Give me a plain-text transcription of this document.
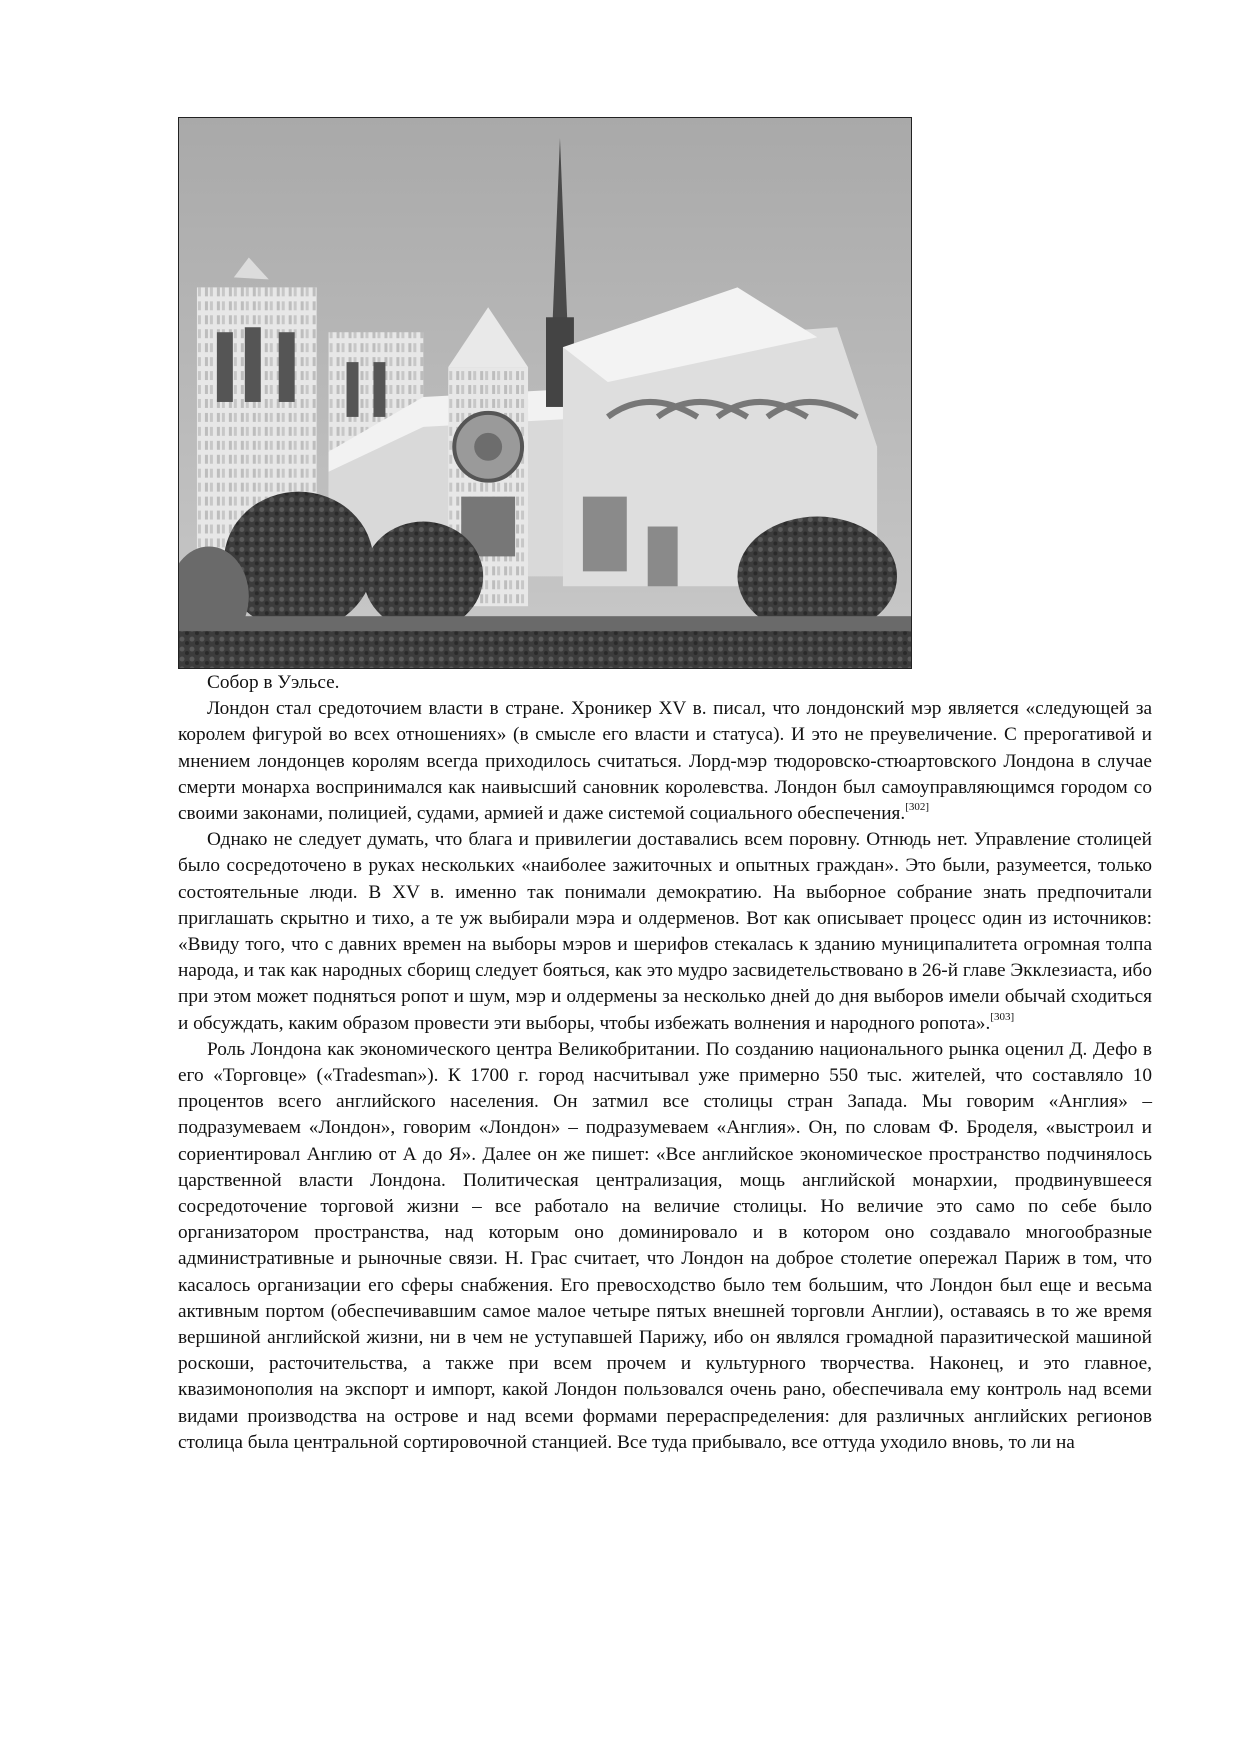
Собор в Уэльсе.

Лондон стал средоточием власти в стране. Хроникер XV в. писал, что лондонский мэр является «следующей за королем фигурой во всех отношениях» (в смысле его власти и статуса). И это не преувеличение. С прерогативой и мнением лондонцев королям всегда приходилось считаться. Лорд-мэр тюдоровско-стюартовского Лондона в случае смерти монарха воспринимался как наивысший сановник королевства. Лондон был самоуправляющимся городом со своими законами, полицией, судами, армией и даже системой социального обеспечения.[302]

Однако не следует думать, что блага и привилегии доставались всем поровну. Отнюдь нет. Управление столицей было сосредоточено в руках нескольких «наиболее зажиточных и опытных граждан». Это были, разумеется, только состоятельные люди. В XV в. именно так понимали демократию. На выборное собрание знать предпочитали приглашать скрытно и тихо, а те уж выбирали мэра и олдерменов. Вот как описывает процесс один из источников: «Ввиду того, что с давних времен на выборы мэров и шерифов стекалась к зданию муниципалитета огромная толпа народа, и так как народных сборищ следует бояться, как это мудро засвидетельствовано в 26-й главе Экклезиаста, ибо при этом может подняться ропот и шум, мэр и олдермены за несколько дней до дня выборов имели обычай сходиться и обсуждать, каким образом провести эти выборы, чтобы избежать волнения и народного ропота».[303]

Роль Лондона как экономического центра Великобритании. По созданию национального рынка оценил Д. Дефо в его «Торговце» («Tradesman»). К 1700 г. город насчитывал уже примерно 550 тыс. жителей, что составляло 10 процентов всего английского населения. Он затмил все столицы стран Запада. Мы говорим «Англия» – подразумеваем «Лондон», говорим «Лондон» – подразумеваем «Англия». Он, по словам Ф. Броделя, «выстроил и сориентировал Англию от А до Я». Далее он же пишет: «Все английское экономическое пространство подчинялось царственной власти Лондона. Политическая централизация, мощь английской монархии, продвинувшееся сосредоточение торговой жизни – все работало на величие столицы. Но величие это само по себе было организатором пространства, над которым оно доминировало и в котором оно создавало многообразные административные и рыночные связи. Н. Грас считает, что Лондон на доброе столетие опережал Париж в том, что касалось организации его сферы снабжения. Его превосходство было тем большим, что Лондон был еще и весьма активным портом (обеспечивавшим самое малое четыре пятых внешней торговли Англии), оставаясь в то же время вершиной английской жизни, ни в чем не уступавшей Парижу, ибо он являлся громадной паразитической машиной роскоши, расточительства, а также при всем прочем и культурного творчества. Наконец, и это главное, квазимонополия на экспорт и импорт, какой Лондон пользовался очень рано, обеспечивала ему контроль над всеми видами производства на острове и над всеми формами перераспределения: для различных английских регионов столица была центральной сортировочной станцией. Все туда прибывало, все оттуда уходило вновь, то ли на
